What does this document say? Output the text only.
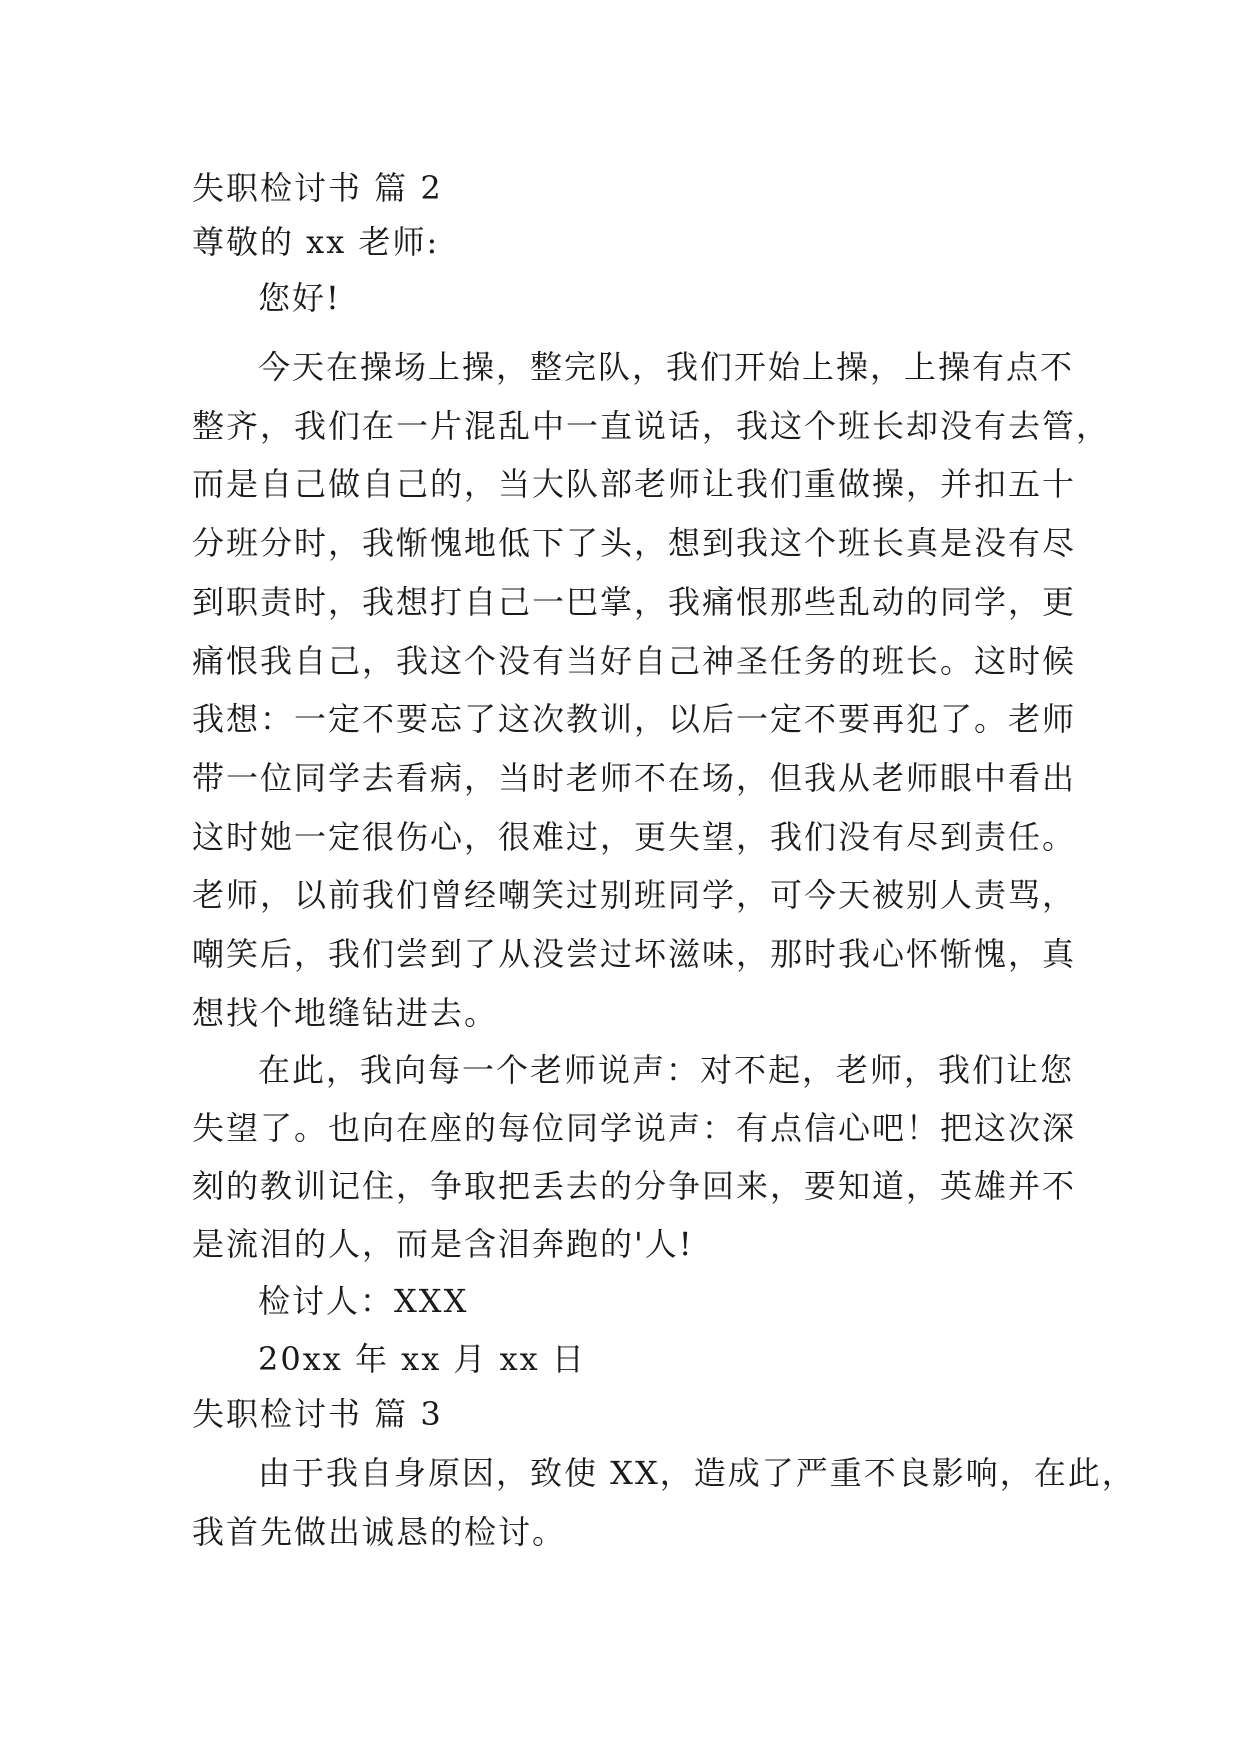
失职检讨书 篇 2
尊敬的 xx 老师:
您好!
今天在操场上操，整完队，我们开始上操，上操有点不
整齐，我们在一片混乱中一直说话，我这个班长却没有去管，
而是自己做自己的，当大队部老师让我们重做操，并扣五十
分班分时，我惭愧地低下了头，想到我这个班长真是没有尽
到职责时，我想打自己一巴掌，我痛恨那些乱动的同学，更
痛恨我自己，我这个没有当好自己神圣任务的班长。这时候
我想：一定不要忘了这次教训，以后一定不要再犯了。老师
带一位同学去看病，当时老师不在场，但我从老师眼中看出
这时她一定很伤心，很难过，更失望，我们没有尽到责任。
老师，以前我们曾经嘲笑过别班同学，可今天被别人责骂，
嘲笑后，我们尝到了从没尝过坏滋味，那时我心怀惭愧，真
想找个地缝钻进去。
在此，我向每一个老师说声：对不起，老师，我们让您
失望了。也向在座的每位同学说声：有点信心吧！把这次深
刻的教训记住，争取把丢去的分争回来，要知道，英雄并不
是流泪的人，而是含泪奔跑的'人!
检讨人：XXX
20xx 年 xx 月 xx 日
失职检讨书 篇 3
由于我自身原因，致使 XX，造成了严重不良影响，在此，
我首先做出诚恳的检讨。
